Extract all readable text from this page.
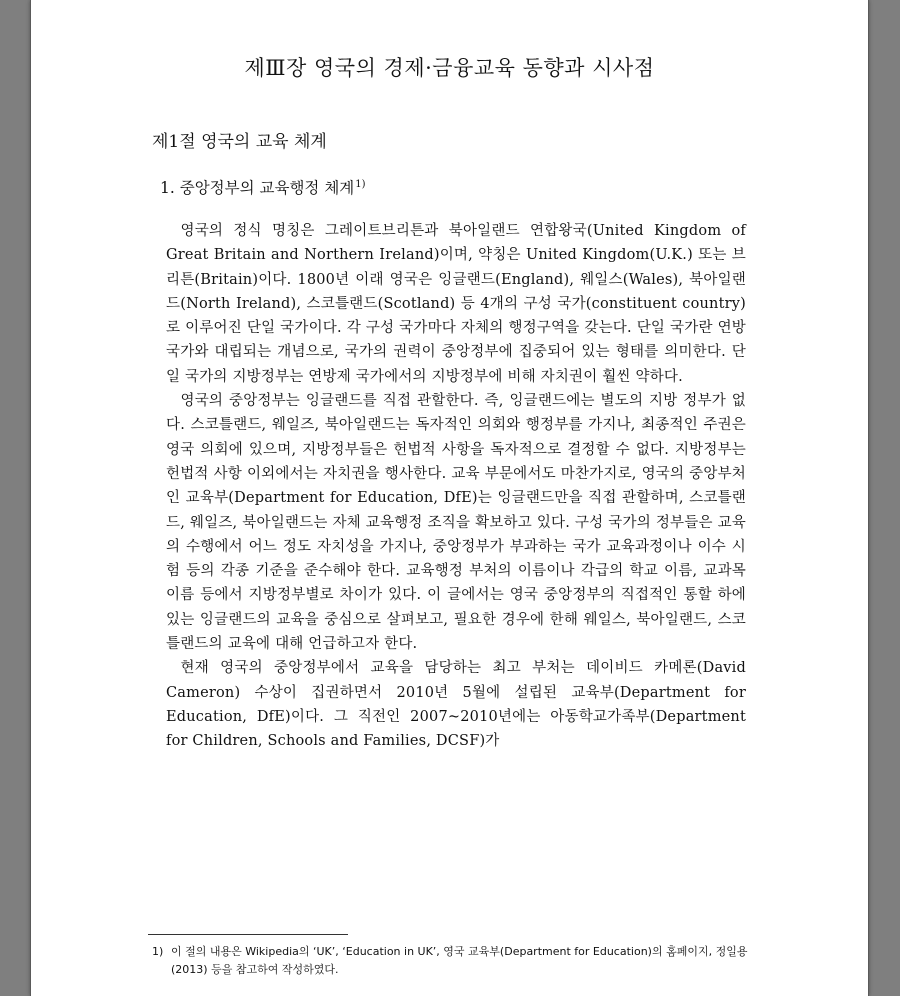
제Ⅲ장 영국의 경제·금융교육 동향과 시사점
제1절 영국의 교육 체계
1. 중앙정부의 교육행정 체계$^{1)}$

영국의 정식 명칭은 그레이트브리튼과 북아일랜드 연합왕국(United Kingdom of Great Britain and Northern Ireland)이며, 약칭은 United Kingdom(U.K.) 또는 브리튼(Britain)이다. 1800년 이래 영국은 잉글랜드(England), 웨일스(Wales), 북아일랜드(North Ireland), 스코틀랜드(Scotland) 등 4개의 구성 국가(constituent country)로 이루어진 단일 국가이다. 각 구성 국가마다 자체의 행정구역을 갖는다. 단일 국가란 연방 국가와 대립되는 개념으로, 국가의 권력이 중앙정부에 집중되어 있는 형태를 의미한다. 단일 국가의 지방정부는 연방제 국가에서의 지방정부에 비해 자치권이 훨씬 약하다.

영국의 중앙정부는 잉글랜드를 직접 관할한다. 즉, 잉글랜드에는 별도의 지방 정부가 없다. 스코틀랜드, 웨일즈, 북아일랜드는 독자적인 의회와 행정부를 가지나, 최종적인 주권은 영국 의회에 있으며, 지방정부들은 헌법적 사항을 독자적으로 결정할 수 없다. 지방정부는 헌법적 사항 이외에서는 자치권을 행사한다. 교육 부문에서도 마찬가지로, 영국의 중앙부처인 교육부(Department for Education, DfE)는 잉글랜드만을 직접 관할하며, 스코틀랜드, 웨일즈, 북아일랜드는 자체 교육행정 조직을 확보하고 있다. 구성 국가의 정부들은 교육의 수행에서 어느 정도 자치성을 가지나, 중앙정부가 부과하는 국가 교육과정이나 이수 시험 등의 각종 기준을 준수해야 한다. 교육행정 부처의 이름이나 각급의 학교 이름, 교과목 이름 등에서 지방정부별로 차이가 있다. 이 글에서는 영국 중앙정부의 직접적인 통할 하에 있는 잉글랜드의 교육을 중심으로 살펴보고, 필요한 경우에 한해 웨일스, 북아일랜드, 스코틀랜드의 교육에 대해 언급하고자 한다.

현재 영국의 중앙정부에서 교육을 담당하는 최고 부처는 데이비드 카메론(David Cameron) 수상이 집권하면서 2010년 5월에 설립된 교육부(Department for Education, DfE)이다. 그 직전인 2007~2010년에는 아동학교가족부(Department for Children, Schools and Families, DCSF)가

1) 이 절의 내용은 Wikipedia의 ‘UK’, ‘Education in UK’, 영국 교육부(Department for Education)의 홈페이지, 정일용(2013) 등을 참고하여 작성하였다.
